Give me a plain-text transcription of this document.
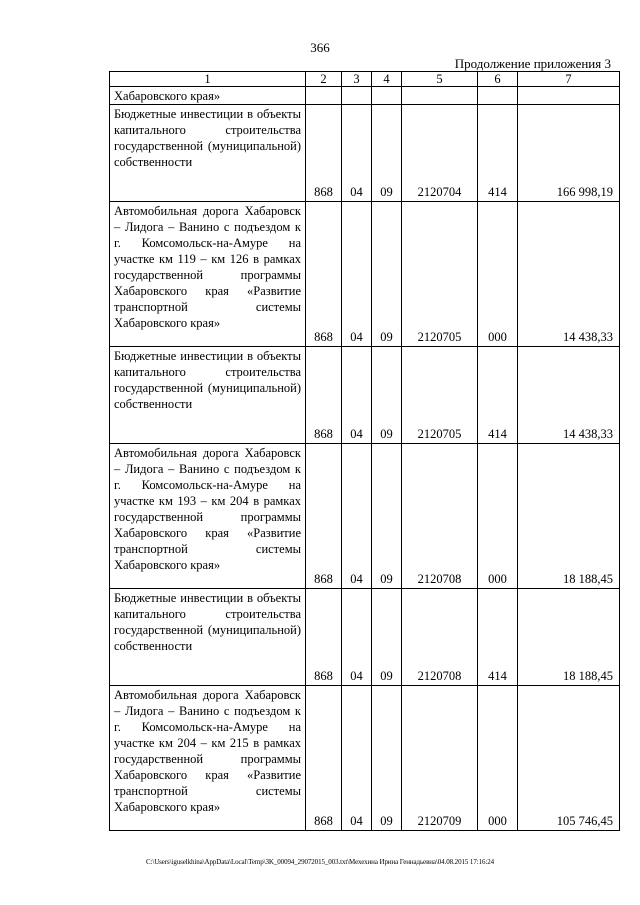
366
Продолжение приложения 3
1	2	3	4	5	6	7
Хабаровского края»						
Бюджетные инвестиции в объекты капитального строительства государственной (муниципальной) собственности	868	04	09	2120704	414	166 998,19
Автомобильная дорога Хабаровск – Лидога – Ванино с подъездом к г. Комсомольск-на-Амуре на участке км 119 – км 126 в рамках государственной программы Хабаровского края «Развитие транспортной системы Хабаровского края»	868	04	09	2120705	000	14 438,33
Бюджетные инвестиции в объекты капитального строительства государственной (муниципальной) собственности	868	04	09	2120705	414	14 438,33
Автомобильная дорога Хабаровск – Лидога – Ванино с подъездом к г. Комсомольск-на-Амуре на участке км 193 – км 204 в рамках государственной программы Хабаровского края «Развитие транспортной системы Хабаровского края»	868	04	09	2120708	000	18 188,45
Бюджетные инвестиции в объекты капитального строительства государственной (муниципальной) собственности	868	04	09	2120708	414	18 188,45
Автомобильная дорога Хабаровск – Лидога – Ванино с подъездом к г. Комсомольск-на-Амуре на участке км 204 – км 215 в рамках государственной программы Хабаровского края «Развитие транспортной системы Хабаровского края»	868	04	09	2120709	000	105 746,45
C:\Users\iguselkhina\AppData\Local\Temp\3K_00094_29072015_003.txt\Мехехина Ирина Геннадьевна\04.08.2015 17:16:24
